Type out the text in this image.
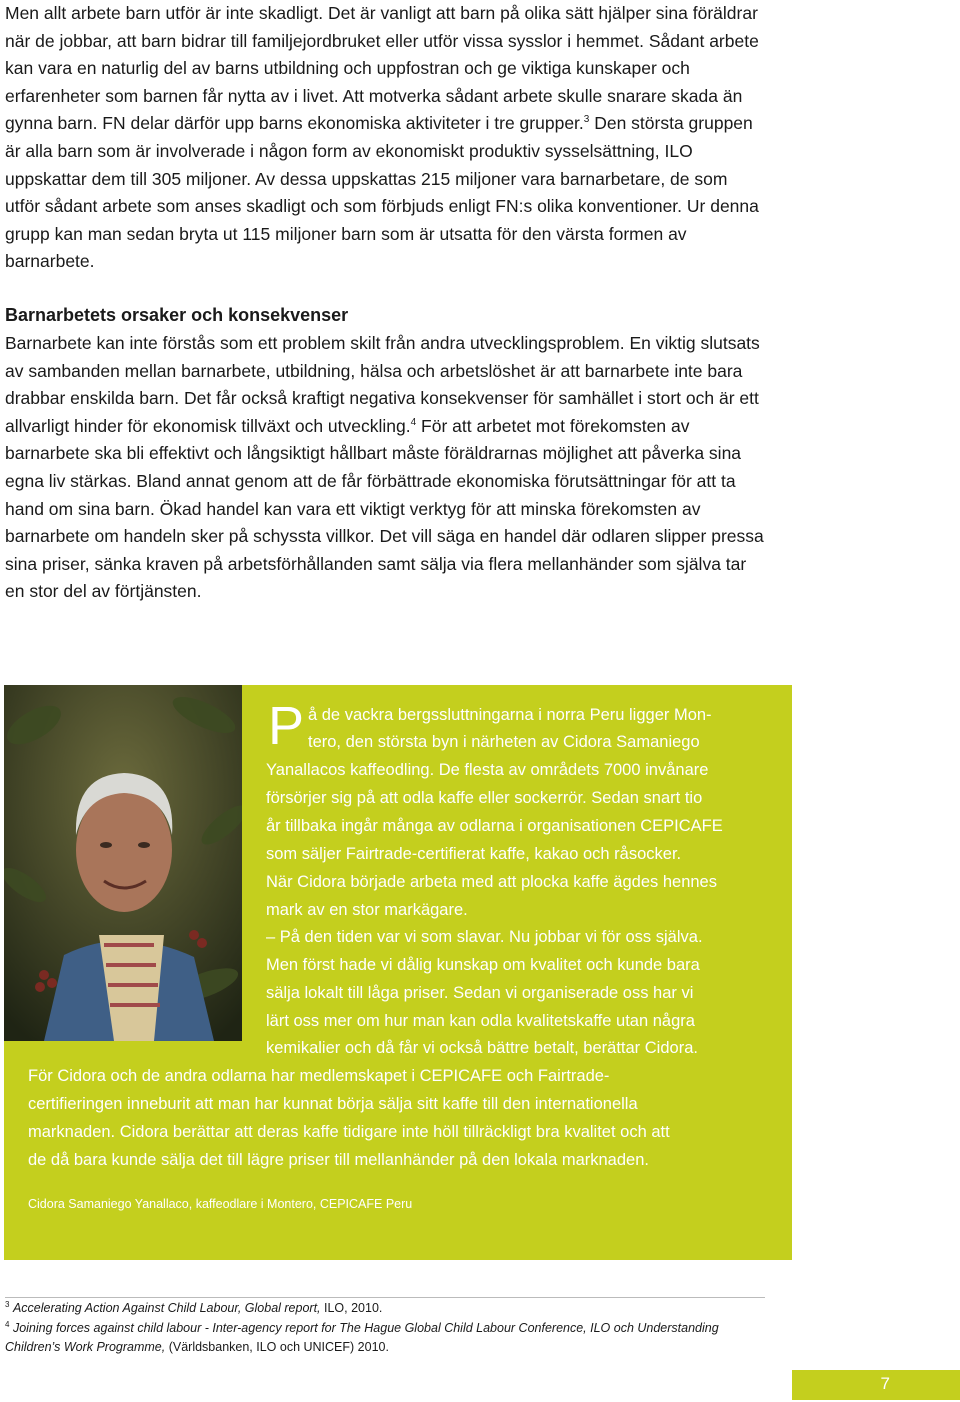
Men allt arbete barn utför är inte skadligt. Det är vanligt att barn på olika sätt hjälper sina föräldrar när de jobbar, att barn bidrar till familjejordbruket eller utför vissa sysslor i hemmet. Sådant arbete kan vara en naturlig del av barns utbildning och uppfostran och ge viktiga kunskaper och erfarenheter som barnen får nytta av i livet. Att motverka sådant arbete skulle snarare skada än gynna barn. FN delar därför upp barns ekonomiska aktiviteter i tre grupper.$^3$ Den största gruppen är alla barn som är involverade i någon form av ekonomiskt produktiv sysselsättning, ILO uppskattar dem till 305 miljoner. Av dessa uppskattas 215 miljoner vara barnarbetare, de som utför sådant arbete som anses skadligt och som förbjuds enligt FN:s olika konventioner. Ur denna grupp kan man sedan bryta ut 115 miljoner barn som är utsatta för den värsta formen av barnarbete.

Barnarbetets orsaker och konsekvenser

Barnarbete kan inte förstås som ett problem skilt från andra utvecklingsproblem. En viktig slutsats av sambanden mellan barnarbete, utbildning, hälsa och arbetslöshet är att barnarbete inte bara drabbar enskilda barn. Det får också kraftigt negativa konsekvenser för samhället i stort och är ett allvarligt hinder för ekonomisk tillväxt och utveckling.$^4$ För att arbetet mot förekomsten av barnarbete ska bli effektivt och långsiktigt hållbart måste föräldrarnas möjlighet att påverka sina egna liv stärkas. Bland annat genom att de får förbättrade ekonomiska förutsättningar för att ta hand om sina barn. Ökad handel kan vara ett viktigt verktyg för att minska förekomsten av barnarbete om handeln sker på schyssta villkor. Det vill säga en handel där odlaren slipper pressa sina priser, sänka kraven på arbetsförhållanden samt sälja via flera mellanhänder som själva tar en stor del av förtjänsten.

P å de vackra bergssluttningarna i norra Peru ligger Mon-
tero, den största byn i närheten av Cidora Samaniego
Yanallacos kaffeodling. De flesta av områdets 7000 invånare
försörjer sig på att odla kaffe eller sockerrör. Sedan snart tio
år tillbaka ingår många av odlarna i organisationen CEPICAFE
som säljer Fairtrade-certifierat kaffe, kakao och råsocker.
När Cidora började arbeta med att plocka kaffe ägdes hennes
mark av en stor markägare.
– På den tiden var vi som slavar. Nu jobbar vi för oss själva.
Men först hade vi dålig kunskap om kvalitet och kunde bara
sälja lokalt till låga priser. Sedan vi organiserade oss har vi
lärt oss mer om hur man kan odla kvalitetskaffe utan några
kemikalier och då får vi också bättre betalt, berättar Cidora.
För Cidora och de andra odlarna har medlemskapet i CEPICAFE och Fairtrade-
certifieringen inneburit att man har kunnat börja sälja sitt kaffe till den internationella
marknaden. Cidora berättar att deras kaffe tidigare inte höll tillräckligt bra kvalitet och att
de då bara kunde sälja det till lägre priser till mellanhänder på den lokala marknaden.
Cidora Samaniego Yanallaco, kaffeodlare i Montero, CEPICAFE Peru

$^3$ Accelerating Action Against Child Labour, Global report, ILO, 2010.

$^4$ Joining forces against child labour - Inter-agency report for The Hague Global Child Labour Conference, ILO och Understanding Children’s Work Programme, (Världsbanken, ILO och UNICEF) 2010.

7
